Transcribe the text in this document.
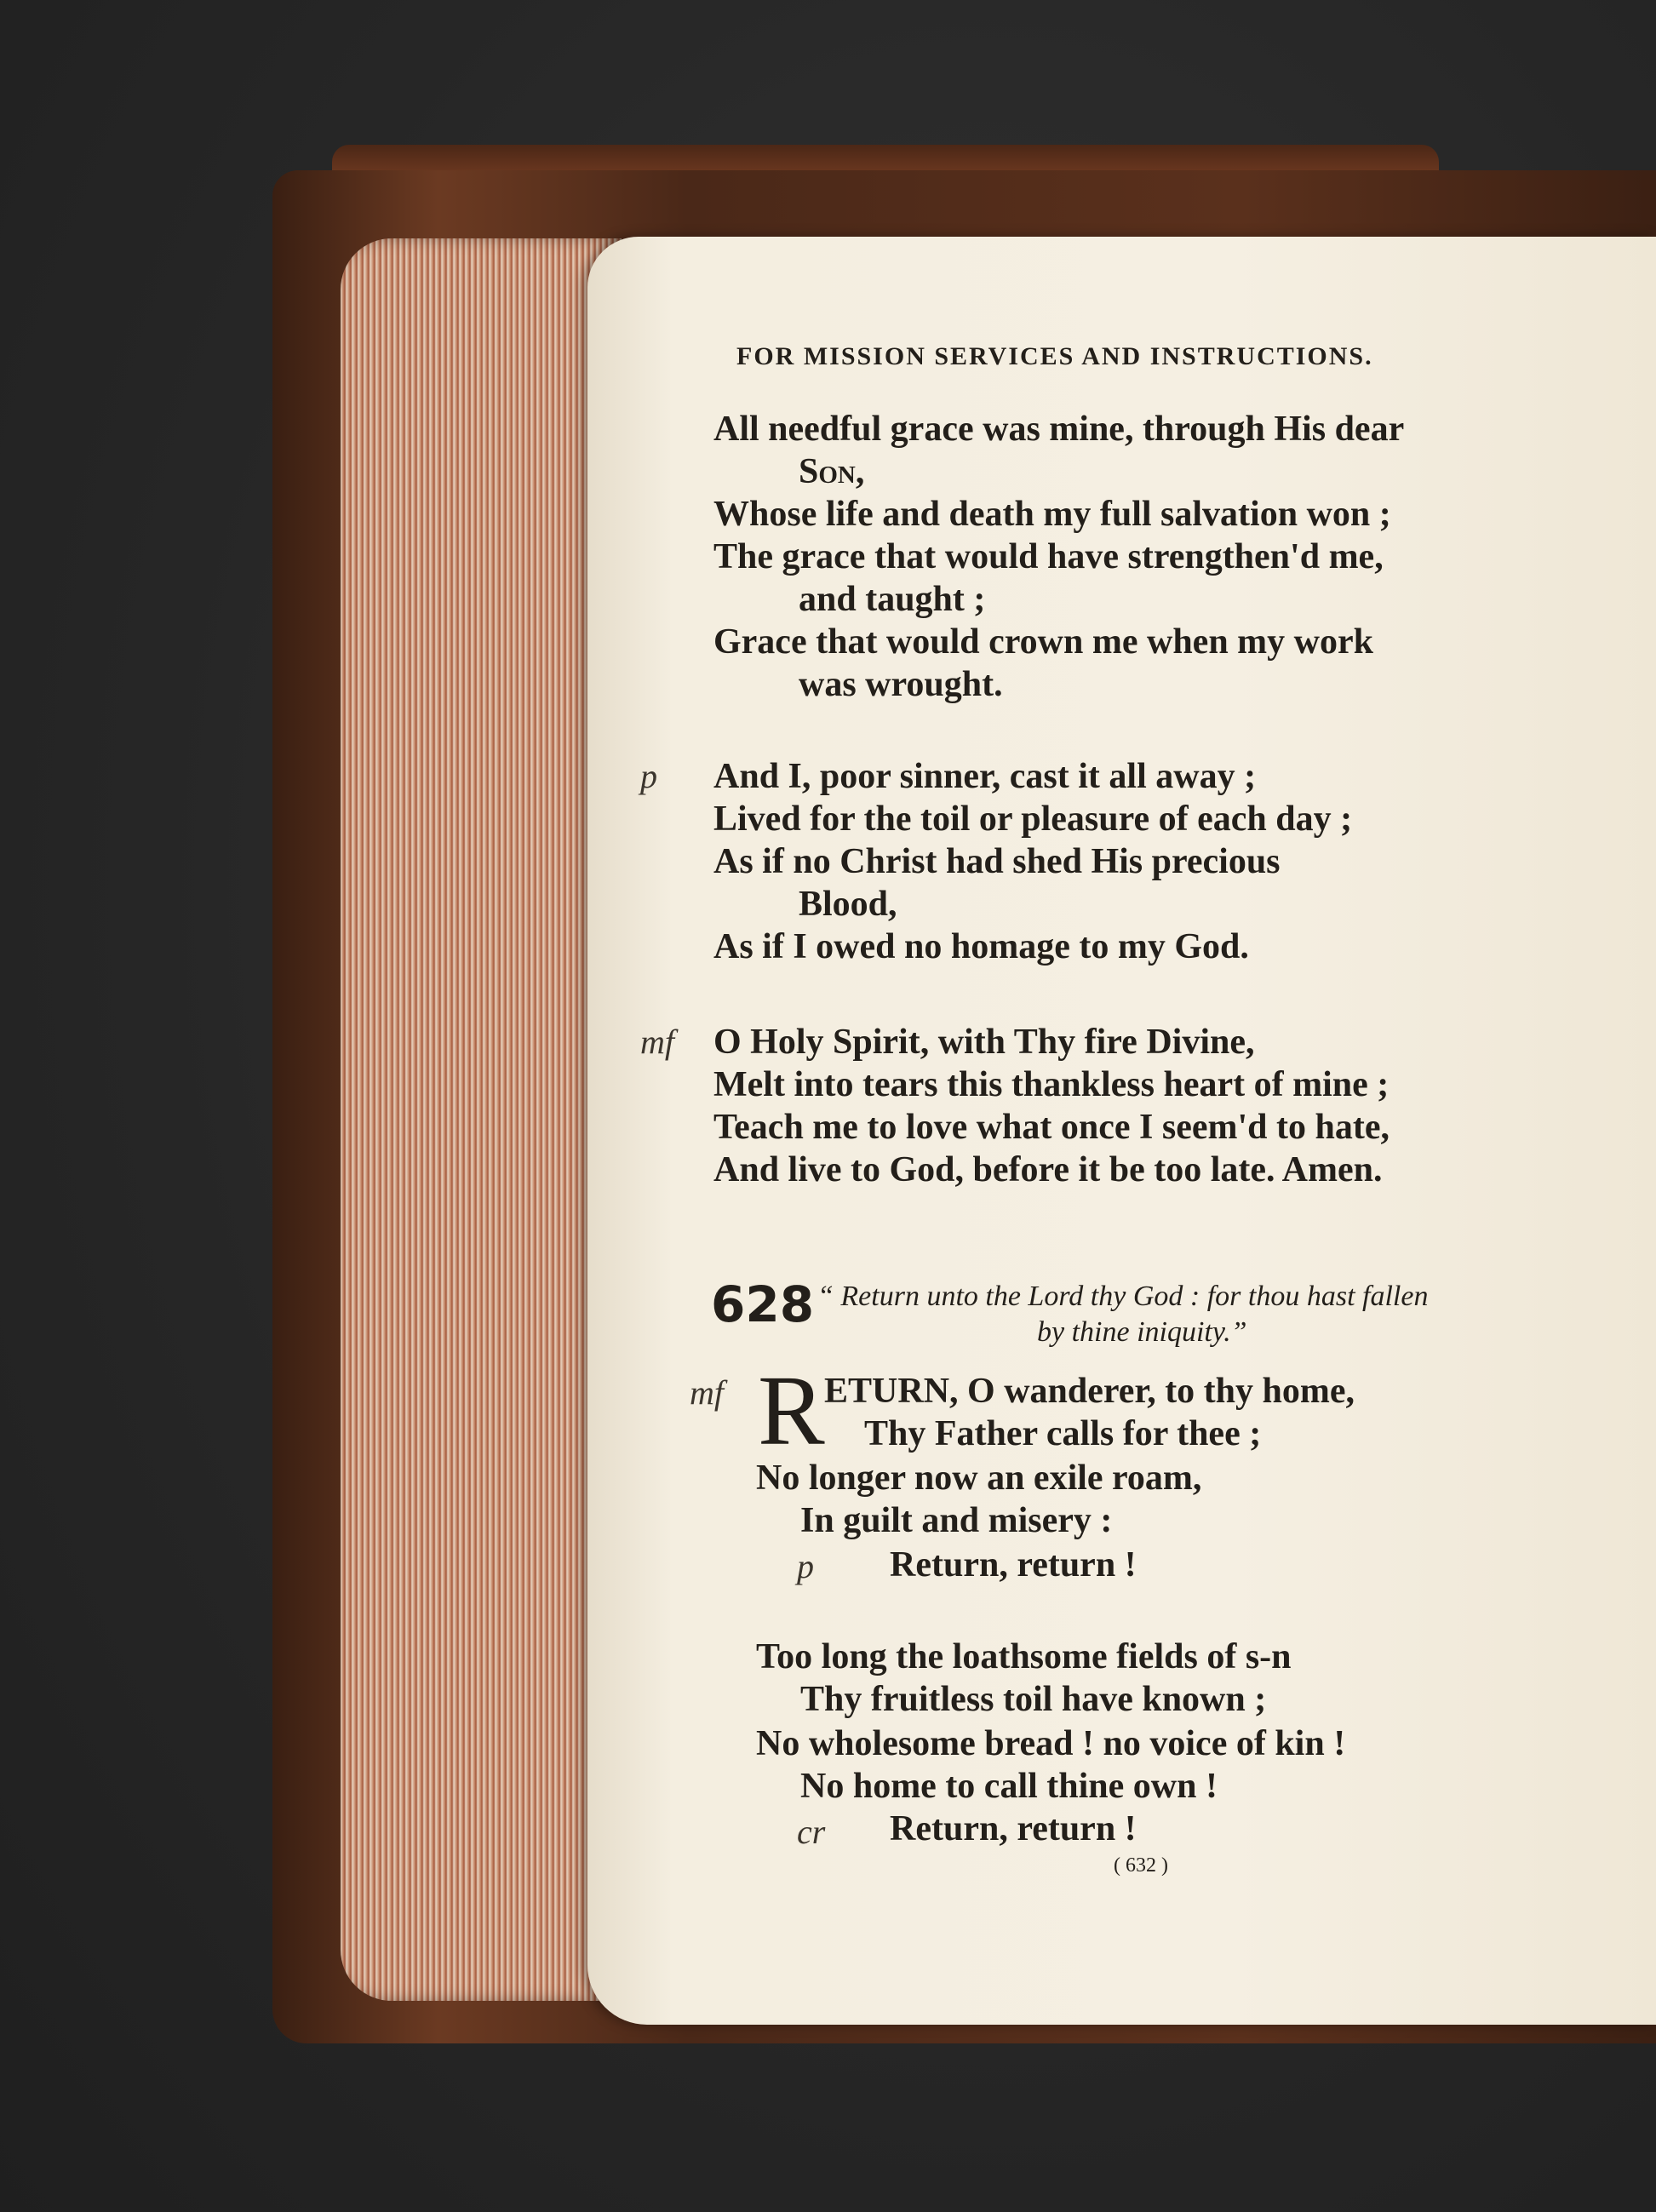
FOR MISSION SERVICES AND INSTRUCTIONS.
All needful grace was mine, through His dear
Son,
Whose life and death my full salvation won ;
The grace that would have strengthen'd me,
and taught ;
Grace that would crown me when my work
was wrought.
p And I, poor sinner, cast it all away ;
Lived for the toil or pleasure of each day ;
As if no Christ had shed His precious
Blood,
As if I owed no homage to my God.
mf O Holy Spirit, with Thy fire Divine,
Melt into tears this thankless heart of mine ;
Teach me to love what once I seem'd to hate,
And live to God, before it be too late. Amen.
628 “ Return unto the Lord thy God : for thou hast fallen
by thine iniquity.”
mf R ETURN, O wanderer, to thy home,
Thy Father calls for thee ;
No longer now an exile roam,
In guilt and misery :
p Return, return !
Too long the loathsome fields of s-n
Thy fruitless toil have known ;
No wholesome bread ! no voice of kin !
No home to call thine own !
cr Return, return !
( 632 )
